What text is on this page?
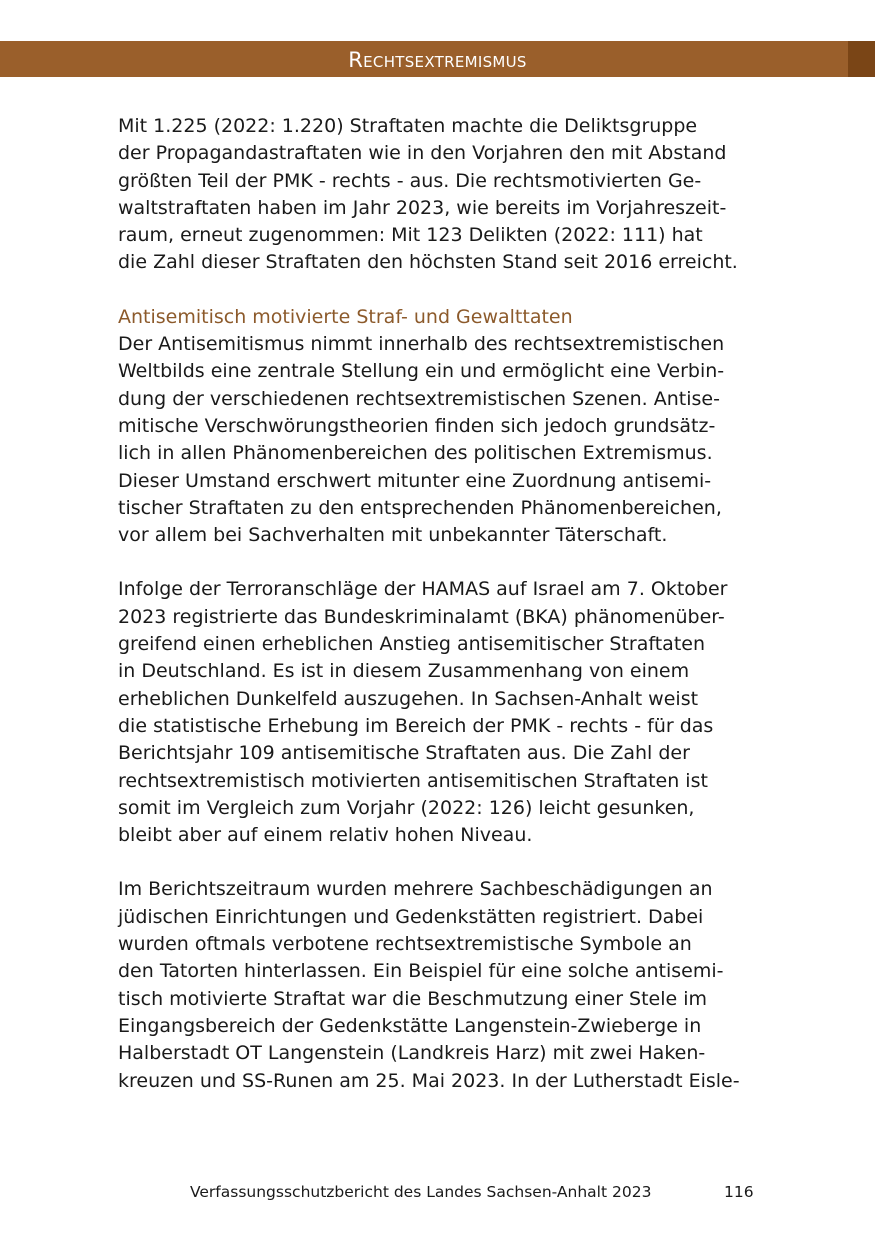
Rechtsextremismus
Mit 1.225 (2022: 1.220) Straftaten machte die Deliktsgruppe
der Propagandastraftaten wie in den Vorjahren den mit Abstand
größten Teil der PMK - rechts - aus. Die rechtsmotivierten Ge-
waltstraftaten haben im Jahr 2023, wie bereits im Vorjahreszeit-
raum, erneut zugenommen: Mit 123 Delikten (2022: 111) hat
die Zahl dieser Straftaten den höchsten Stand seit 2016 erreicht.
Antisemitisch motivierte Straf- und Gewalttaten
Der Antisemitismus nimmt innerhalb des rechtsextremistischen
Weltbilds eine zentrale Stellung ein und ermöglicht eine Verbin-
dung der verschiedenen rechtsextremistischen Szenen. Antise-
mitische Verschwörungstheorien finden sich jedoch grundsätz-
lich in allen Phänomenbereichen des politischen Extremismus.
Dieser Umstand erschwert mitunter eine Zuordnung antisemi-
tischer Straftaten zu den entsprechenden Phänomenbereichen,
vor allem bei Sachverhalten mit unbekannter Täterschaft.
Infolge der Terroranschläge der HAMAS auf Israel am 7. Oktober
2023 registrierte das Bundeskriminalamt (BKA) phänomenüber-
greifend einen erheblichen Anstieg antisemitischer Straftaten
in Deutschland. Es ist in diesem Zusammenhang von einem
erheblichen Dunkelfeld auszugehen. In Sachsen-Anhalt weist
die statistische Erhebung im Bereich der PMK - rechts - für das
Berichtsjahr 109 antisemitische Straftaten aus. Die Zahl der
rechtsextremistisch motivierten antisemitischen Straftaten ist
somit im Vergleich zum Vorjahr (2022: 126) leicht gesunken,
bleibt aber auf einem relativ hohen Niveau.
Im Berichtszeitraum wurden mehrere Sachbeschädigungen an
jüdischen Einrichtungen und Gedenkstätten registriert. Dabei
wurden oftmals verbotene rechtsextremistische Symbole an
den Tatorten hinterlassen. Ein Beispiel für eine solche antisemi-
tisch motivierte Straftat war die Beschmutzung einer Stele im
Eingangsbereich der Gedenkstätte Langenstein-Zwieberge in
Halberstadt OT Langenstein (Landkreis Harz) mit zwei Haken-
kreuzen und SS-Runen am 25. Mai 2023. In der Lutherstadt Eisle-
Verfassungsschutzbericht des Landes Sachsen-Anhalt 2023	116
